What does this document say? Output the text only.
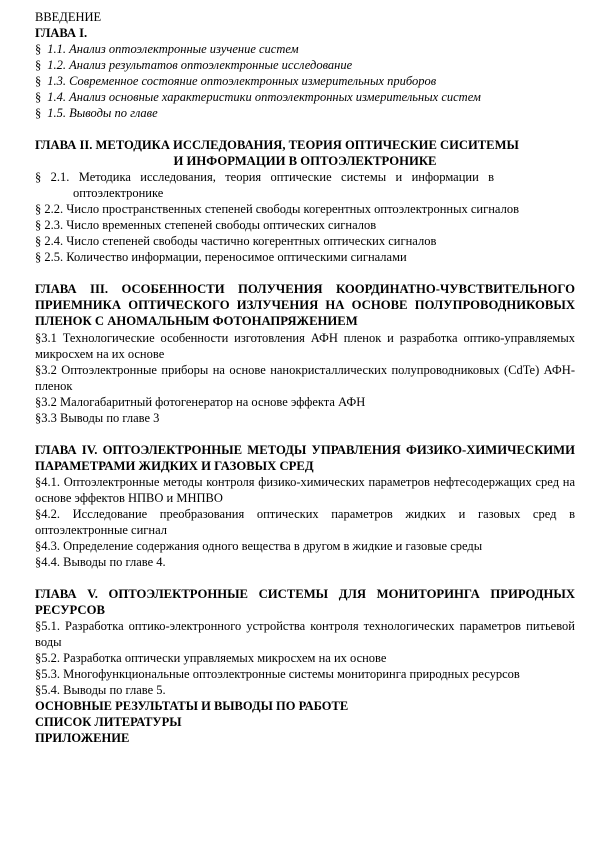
ВВЕДЕНИЕ
ГЛАВА I.
§ 1.1. Анализ оптоэлектронные изучение систем
§ 1.2. Анализ результатов оптоэлектронные исследование
§ 1.3. Современное состояние оптоэлектронных измерительных приборов
§ 1.4. Анализ основные характеристики оптоэлектронных измерительных систем
§ 1.5. Выводы по главе
ГЛАВА II. МЕТОДИКА ИССЛЕДОВАНИЯ, ТЕОРИЯ ОПТИЧЕСКИЕ СИСИТЕМЫ
И ИНФОРМАЦИИ В ОПТОЭЛЕКТРОНИКЕ
§   2.1.   Методика   исследования,   теория   оптические   системы   и   информации   в
оптоэлектронике
§ 2.2. Число пространственных степеней свободы когерентных оптоэлектронных сигналов
§ 2.3. Число временных степеней свободы оптических сигналов
§ 2.4. Число степеней свободы частично когерентных оптических сигналов
§ 2.5. Количество информации, переносимое оптическими сигналами
ГЛАВА III. ОСОБЕННОСТИ ПОЛУЧЕНИЯ КООРДИНАТНО-ЧУВСТВИТЕЛЬНОГО ПРИЕМНИКА ОПТИЧЕСКОГО ИЗЛУЧЕНИЯ НА ОСНОВЕ ПОЛУПРОВОДНИКОВЫХ ПЛЕНОК С АНОМАЛЬНЫМ ФОТОНАПРЯЖЕНИЕМ
§3.1 Технологические особенности изготовления АФН пленок и разработка оптико-управляемых микросхем на их основе
§3.2 Оптоэлектронные приборы на основе нанокристаллических полупроводниковых (CdTe) АФН-пленок
§3.2 Малогабаритный фотогенератор на основе эффекта АФН
§3.3 Выводы по главе 3
ГЛАВА IV. ОПТОЭЛЕКТРОННЫЕ МЕТОДЫ УПРАВЛЕНИЯ ФИЗИКО-ХИМИЧЕСКИМИ ПАРАМЕТРАМИ ЖИДКИХ И ГАЗОВЫХ СРЕД
§4.1. Оптоэлектронные методы контроля физико-химических параметров нефтесодержащих сред на основе эффектов НПВО и МНПВО
§4.2. Исследование преобразования оптических параметров жидких и газовых сред в оптоэлектронные сигнал
§4.3. Определение содержания одного вещества в другом в жидкие и газовые среды
§4.4. Выводы по главе 4.
ГЛАВА V. ОПТОЭЛЕКТРОННЫЕ СИСТЕМЫ ДЛЯ МОНИТОРИНГА ПРИРОДНЫХ РЕСУРСОВ
§5.1. Разработка оптико-электронного устройства контроля технологических параметров питьевой воды
§5.2. Разработка оптически управляемых микросхем на их основе
§5.3. Многофункциональные оптоэлектронные системы мониторинга природных ресурсов
§5.4. Выводы по главе 5.
ОСНОВНЫЕ РЕЗУЛЬТАТЫ И ВЫВОДЫ ПО РАБОТЕ
СПИСОК ЛИТЕРАТУРЫ
ПРИЛОЖЕНИЕ
